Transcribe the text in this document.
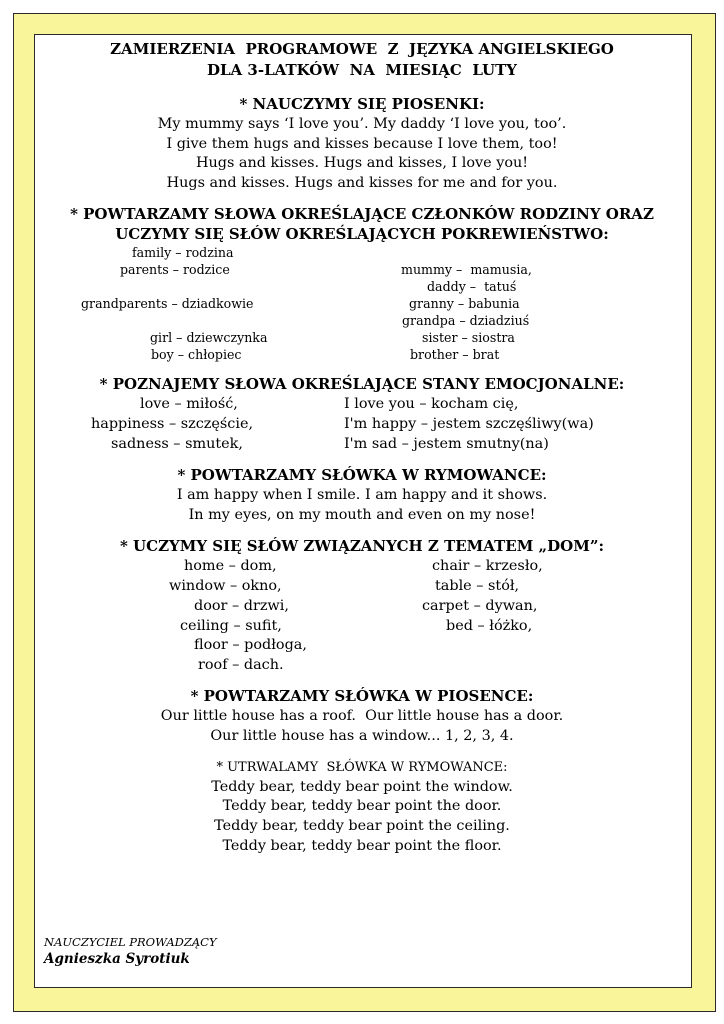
ZAMIERZENIA  PROGRAMOWE  Z  JĘZYKA ANGIELSKIEGO
DLA 3-LATKÓW  NA  MIESIĄC  LUTY
* NAUCZYMY SIĘ PIOSENKI:
My mummy says ‘I love you’. My daddy ‘I love you, too’.
I give them hugs and kisses because I love them, too!
Hugs and kisses. Hugs and kisses, I love you!
Hugs and kisses. Hugs and kisses for me and for you.
* POWTARZAMY SŁOWA OKREŚLAJĄCE CZŁONKÓW RODZINY ORAZ
UCZYMY SIĘ SŁÓW OKREŚLAJĄCYCH POKREWIEŃSTWO:
family – rodzina
parents – rodzice
grandparents – dziadkowie
girl – dziewczynka
boy – chłopiec
mummy –  mamusia,
daddy –  tatuś
granny – babunia
grandpa – dziadziuś
sister – siostra
brother – brat
* POZNAJEMY SŁOWA OKREŚLAJĄCE STANY EMOCJONALNE:
love – miłość,
happiness – szczęście,
sadness – smutek,
I love you – kocham cię,
I'm happy – jestem szczęśliwy(wa)
I'm sad – jestem smutny(na)
* POWTARZAMY SŁÓWKA W RYMOWANCE:
I am happy when I smile. I am happy and it shows.
In my eyes, on my mouth and even on my nose!
* UCZYMY SIĘ SŁÓW ZWIĄZANYCH Z TEMATEM „DOM”:
home – dom,
window – okno,
door – drzwi,
ceiling – sufit,
floor – podłoga,
roof – dach.
chair – krzesło,
table – stół,
carpet – dywan,
bed – łóżko,
* POWTARZAMY SŁÓWKA W PIOSENCE:
Our little house has a roof.  Our little house has a door.
Our little house has a window... 1, 2, 3, 4.
* UTRWALAMY  SŁÓWKA W RYMOWANCE:
Teddy bear, teddy bear point the window.
Teddy bear, teddy bear point the door.
Teddy bear, teddy bear point the ceiling.
Teddy bear, teddy bear point the floor.
NAUCZYCIEL PROWADZĄCY
Agnieszka Syrotiuk
